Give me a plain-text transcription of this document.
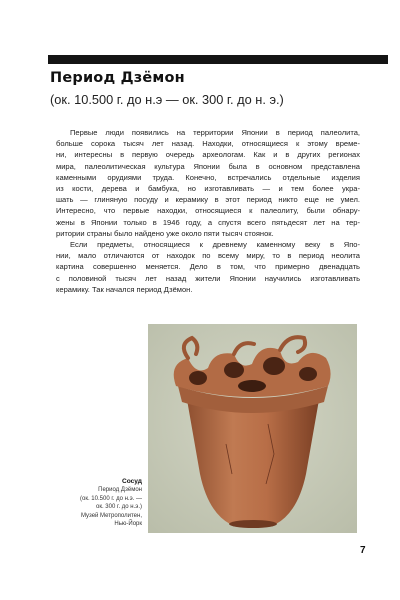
Период Дзёмон
(ок. 10.500 г. до н.э — ок. 300 г. до н. э.)
Первые люди появились на территории Японии в период палеолита,
больше сорока тысяч лет назад. Находки, относящиеся к этому време-
ни, интересны в первую очередь археологам. Как и в других регионах
мира, палеолитическая культура Японии была в основном представлена
каменными орудиями труда. Конечно, встречались отдельные изделия
из кости, дерева и бамбука, но изготавливать — и тем более укра-
шать — глиняную посуду и керамику в этот период никто еще не умел.
Интересно, что первые находки, относящиеся к палеолиту, были обнару-
жены в Японии только в 1946 году, а спустя всего пятьдесят лет на тер-
ритории страны было найдено уже около пяти тысяч стоянок.
Если предметы, относящиеся к древнему каменному веку в Япо-
нии, мало отличаются от находок по всему миру, то в период неолита
картина совершенно меняется. Дело в том, что примерно двенадцать
с половиной тысяч лет назад жители Японии научились изготавливать
керамику. Так начался период Дзёмон.
Сосуд
Период Дзёмон
(ок. 10.500 г. до н.э. —
ок. 300 г. до н.э.)
Музей Метрополитен,
Нью-Йорк
7
